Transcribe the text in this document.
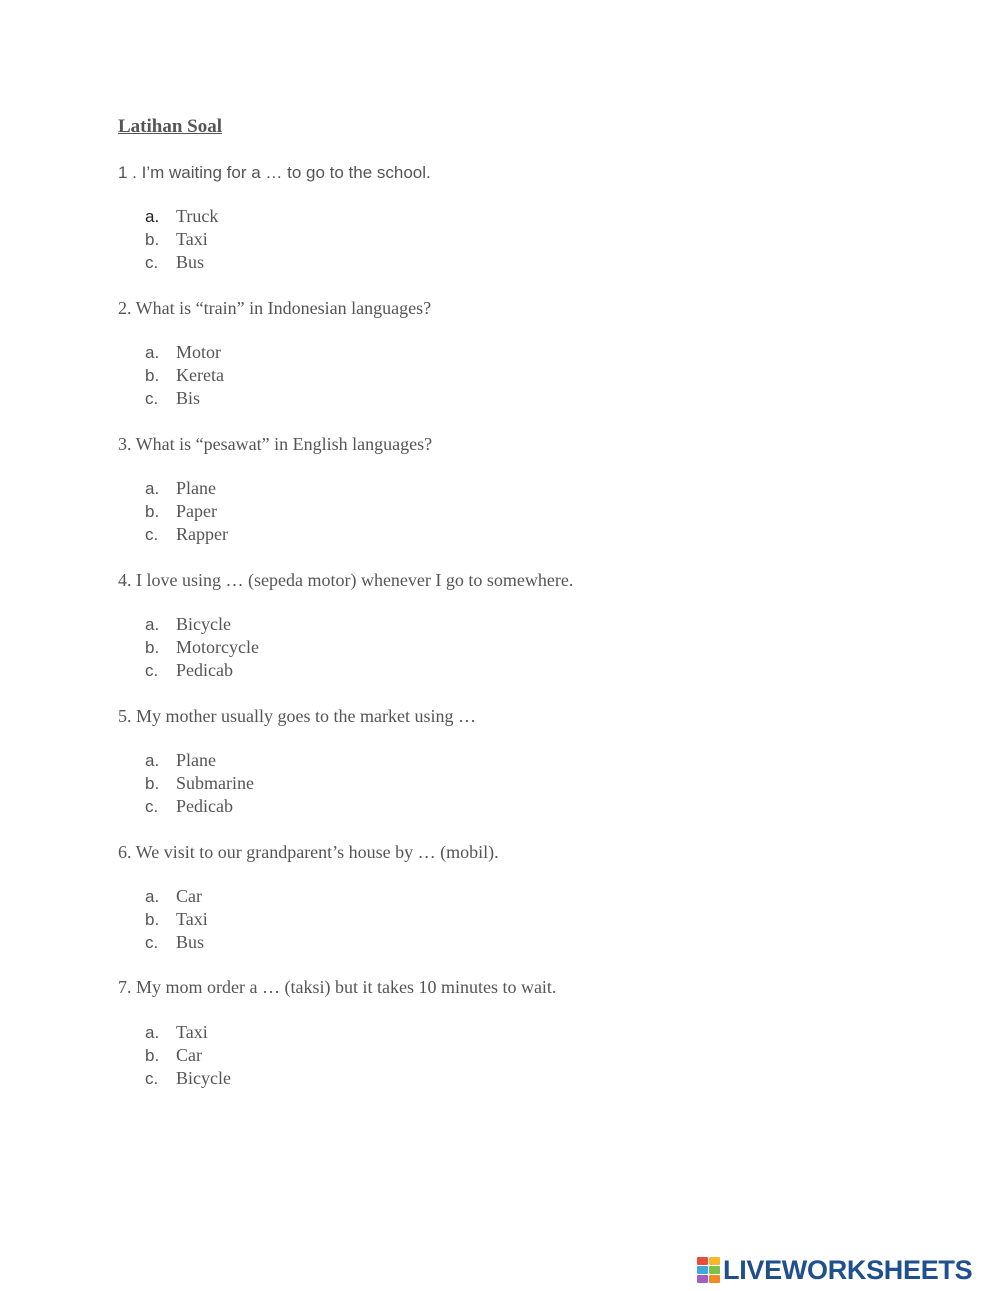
Latihan Soal
1 . I’m waiting for a … to go to the school.
a. Truck
b. Taxi
c. Bus
2. What is “train” in Indonesian languages?
a. Motor
b. Kereta
c. Bis
3. What is “pesawat” in English languages?
a. Plane
b. Paper
c. Rapper
4. I love using … (sepeda motor) whenever I go to somewhere.
a. Bicycle
b. Motorcycle
c. Pedicab
5. My mother usually goes to the market using …
a. Plane
b. Submarine
c. Pedicab
6. We visit to our grandparent’s house by … (mobil).
a. Car
b. Taxi
c. Bus
7. My mom order a … (taksi) but it takes 10 minutes to wait.
a. Taxi
b. Car
c. Bicycle
LIVEWORKSHEETS
